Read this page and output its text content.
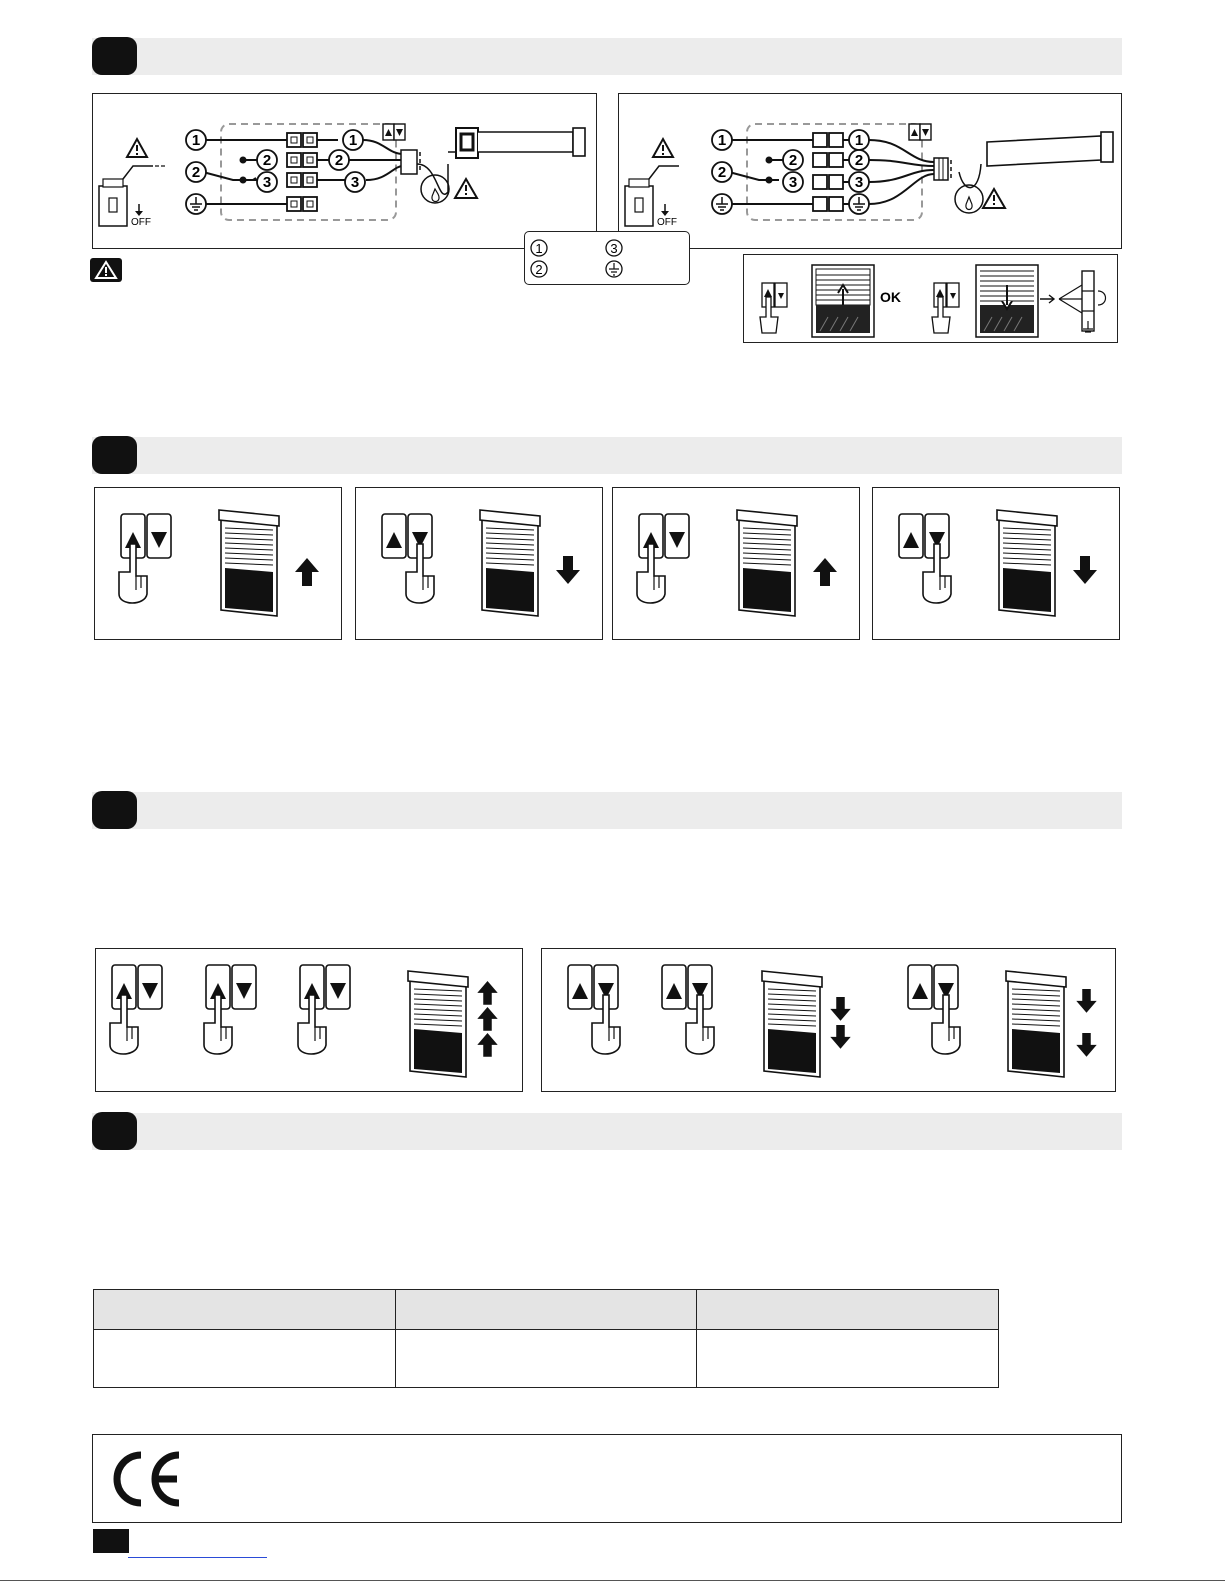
OFF
1
2
2
3
1
2
3
OFF
1
2
2
3
1
2
3
1
2
3
OK
